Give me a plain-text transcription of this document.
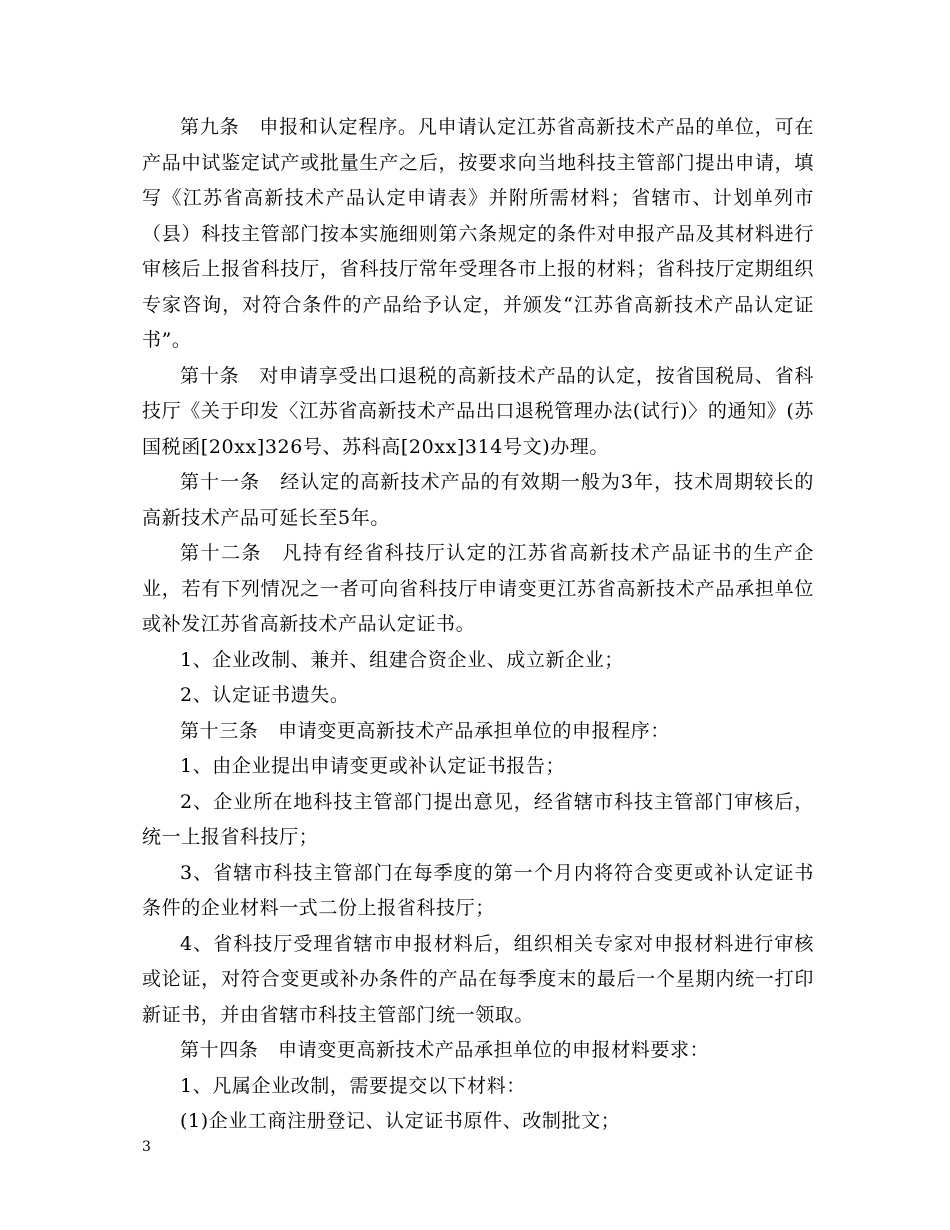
第九条　申报和认定程序。凡申请认定江苏省高新技术产品的单位，可在产品中试鉴定试产或批量生产之后，按要求向当地科技主管部门提出申请，填写《江苏省高新技术产品认定申请表》并附所需材料；省辖市、计划单列市（县）科技主管部门按本实施细则第六条规定的条件对申报产品及其材料进行审核后上报省科技厅，省科技厅常年受理各市上报的材料；省科技厅定期组织专家咨询，对符合条件的产品给予认定，并颁发“江苏省高新技术产品认定证书”。

第十条　对申请享受出口退税的高新技术产品的认定，按省国税局、省科技厅《关于印发〈江苏省高新技术产品出口退税管理办法(试行)〉的通知》(苏国税函[20xx]326号、苏科高[20xx]314号文)办理。

第十一条　经认定的高新技术产品的有效期一般为3年，技术周期较长的高新技术产品可延长至5年。

第十二条　凡持有经省科技厅认定的江苏省高新技术产品证书的生产企业，若有下列情况之一者可向省科技厅申请变更江苏省高新技术产品承担单位或补发江苏省高新技术产品认定证书。

1、企业改制、兼并、组建合资企业、成立新企业；

2、认定证书遗失。

第十三条　申请变更高新技术产品承担单位的申报程序：

1、由企业提出申请变更或补认定证书报告；

2、企业所在地科技主管部门提出意见，经省辖市科技主管部门审核后，统一上报省科技厅；

3、省辖市科技主管部门在每季度的第一个月内将符合变更或补认定证书条件的企业材料一式二份上报省科技厅；

4、省科技厅受理省辖市申报材料后，组织相关专家对申报材料进行审核或论证，对符合变更或补办条件的产品在每季度末的最后一个星期内统一打印新证书，并由省辖市科技主管部门统一领取。

第十四条　申请变更高新技术产品承担单位的申报材料要求：

1、凡属企业改制，需要提交以下材料：

(1)企业工商注册登记、认定证书原件、改制批文；

3
